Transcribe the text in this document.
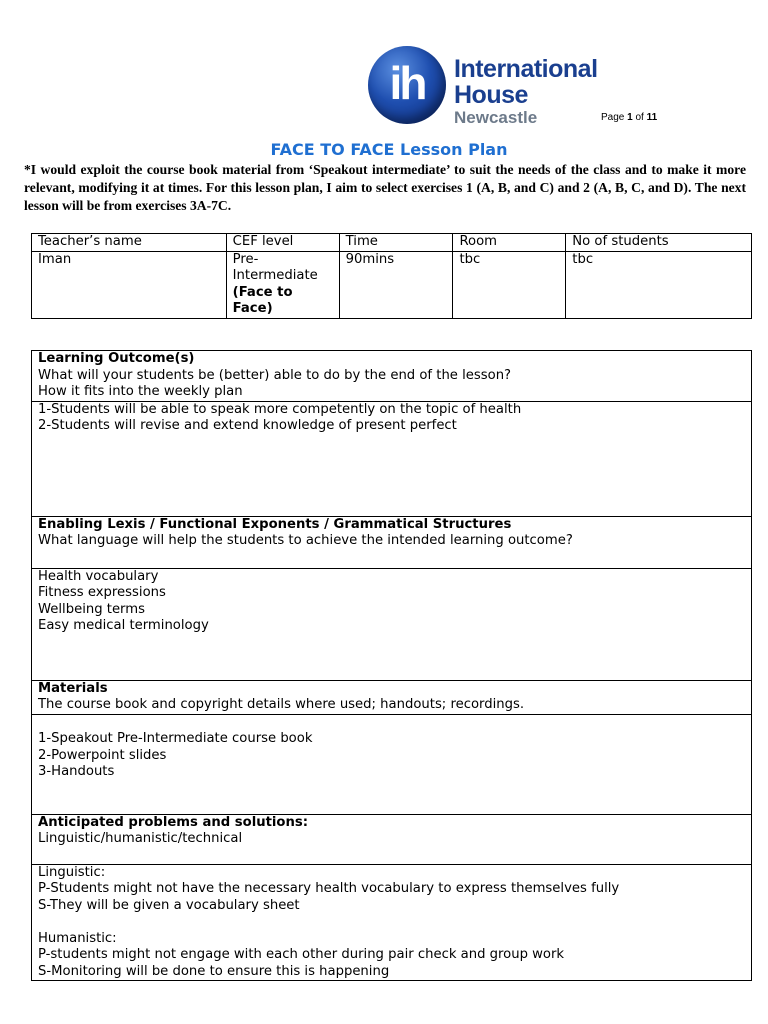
ih	International
House
Newcastle	Page 1 of 11
FACE TO FACE Lesson Plan
*I would exploit the course book material from ‘Speakout intermediate’ to suit the needs of the class and to make it more relevant, modifying it at times. For this lesson plan, I aim to select exercises 1 (A, B, and C) and 2 (A, B, C, and D). The next lesson will be from exercises 3A-7C.
Teacher’s name	CEF level	Time	Room	No of students
Iman	Pre-
Intermediate
(Face to
Face)	90mins	tbc	tbc
Learning Outcome(s)
What will your students be (better) able to do by the end of the lesson?
How it fits into the weekly plan

1-Students will be able to speak more competently on the topic of health
2-Students will revise and extend knowledge of present perfect

Enabling Lexis / Functional Exponents / Grammatical Structures
What language will help the students to achieve the intended learning outcome?

Health vocabulary
Fitness expressions
Wellbeing terms
Easy medical terminology

Materials
The course book and copyright details where used; handouts; recordings.

1-Speakout Pre-Intermediate course book
2-Powerpoint slides
3-Handouts

Anticipated problems and solutions:
Linguistic/humanistic/technical

Linguistic:
P-Students might not have the necessary health vocabulary to express themselves fully
S-They will be given a vocabulary sheet
Humanistic:
P-students might not engage with each other during pair check and group work
S-Monitoring will be done to ensure this is happening
